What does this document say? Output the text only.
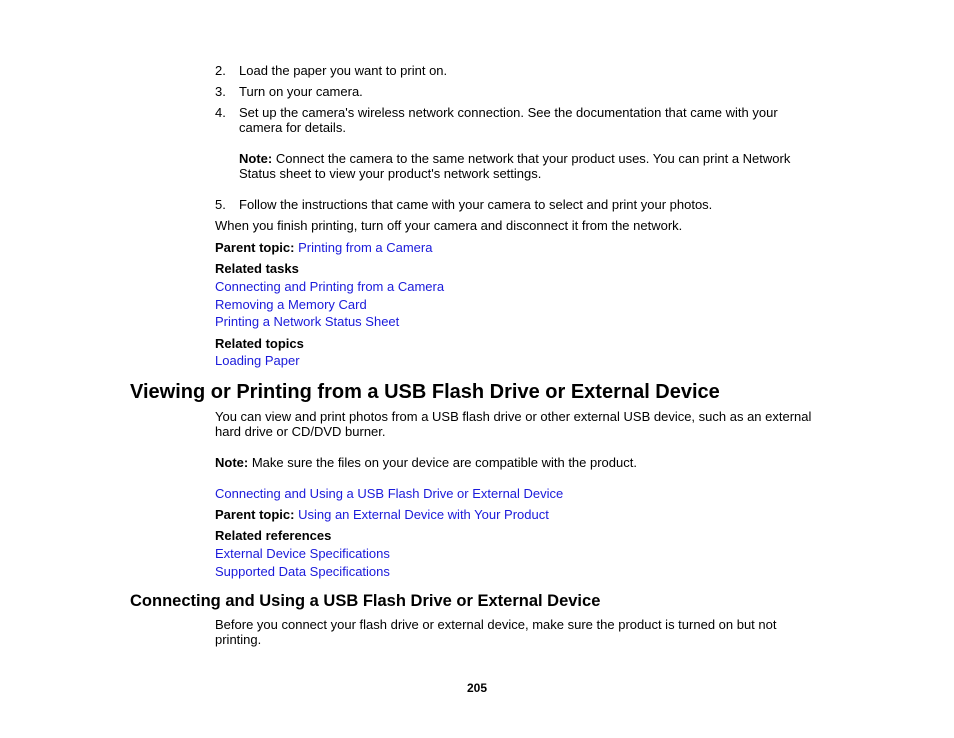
2.	Load the paper you want to print on.
3.	Turn on your camera.
4.	Set up the camera's wireless network connection. See the documentation that came with your camera for details.
Note: Connect the camera to the same network that your product uses. You can print a Network Status sheet to view your product's network settings.
5.	Follow the instructions that came with your camera to select and print your photos.
When you finish printing, turn off your camera and disconnect it from the network.
Parent topic: Printing from a Camera
Related tasks
Connecting and Printing from a Camera
Removing a Memory Card
Printing a Network Status Sheet
Related topics
Loading Paper
Viewing or Printing from a USB Flash Drive or External Device
You can view and print photos from a USB flash drive or other external USB device, such as an external hard drive or CD/DVD burner.
Note: Make sure the files on your device are compatible with the product.
Connecting and Using a USB Flash Drive or External Device
Parent topic: Using an External Device with Your Product
Related references
External Device Specifications
Supported Data Specifications
Connecting and Using a USB Flash Drive or External Device
Before you connect your flash drive or external device, make sure the product is turned on but not printing.
205
